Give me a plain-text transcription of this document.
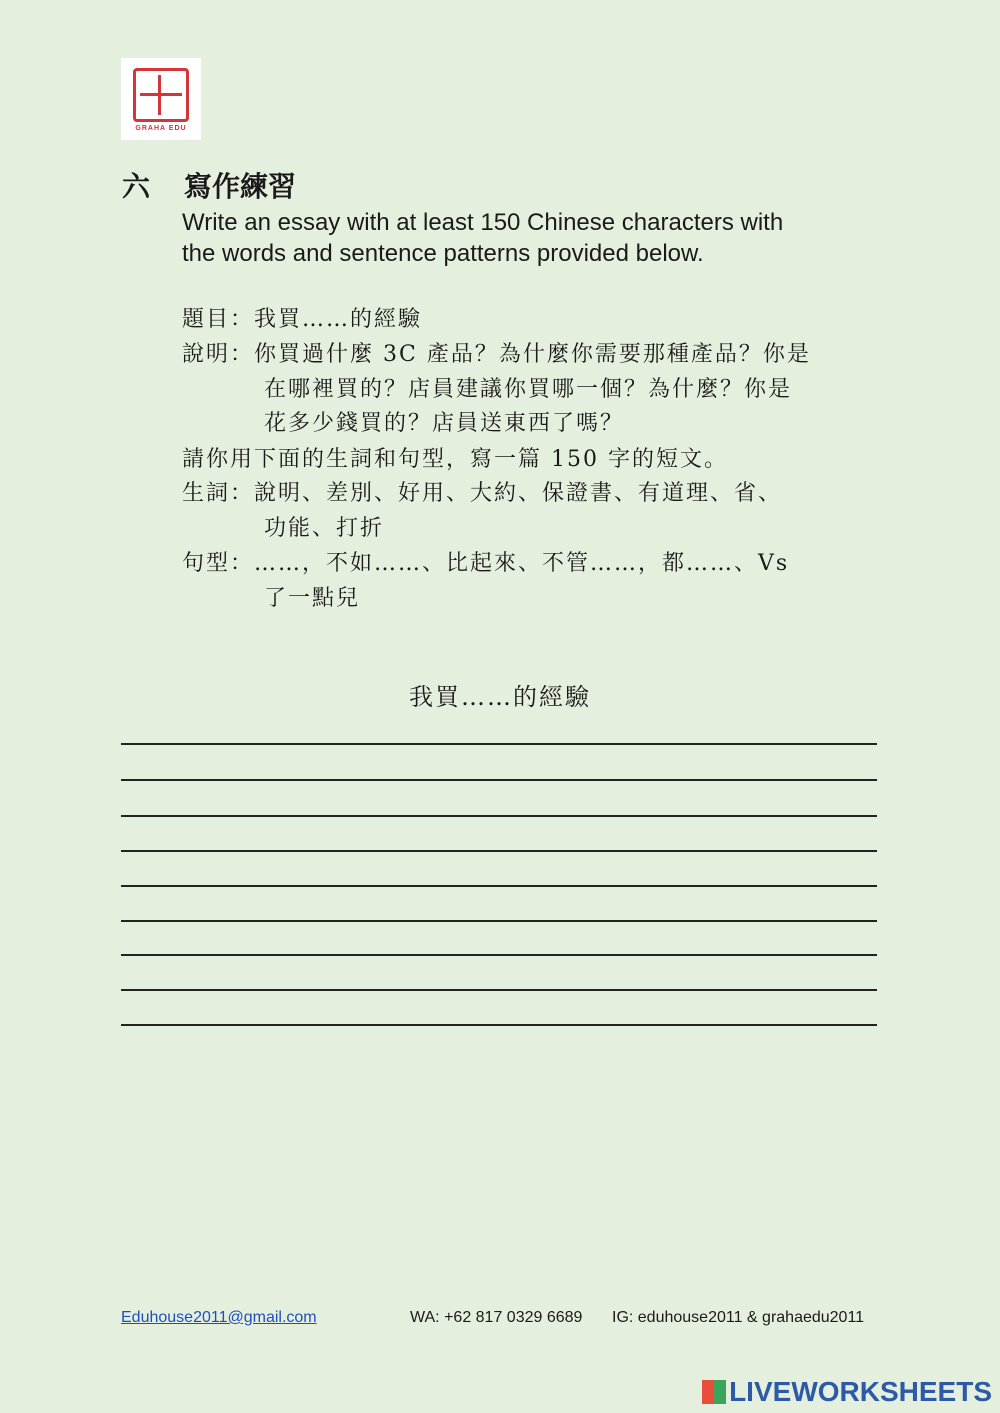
GRAHA EDU
六 寫作練習
Write an essay with at least 150 Chinese characters with
the words and sentence patterns provided below.
題目：我買……的經驗
說明：你買過什麼 3C 產品？為什麼你需要那種產品？你是
在哪裡買的？店員建議你買哪一個？為什麼？你是
花多少錢買的？店員送東西了嗎？
請你用下面的生詞和句型，寫一篇 150 字的短文。
生詞：說明、差別、好用、大約、保證書、有道理、省、
功能、打折
句型：……，不如……、比起來、不管……，都……、Vs
了一點兒
我買……的經驗
Eduhouse2011@gmail.com	WA: +62 817 0329 6689 IG: eduhouse2011 & grahaedu2011
LIVEWORKSHEETS
